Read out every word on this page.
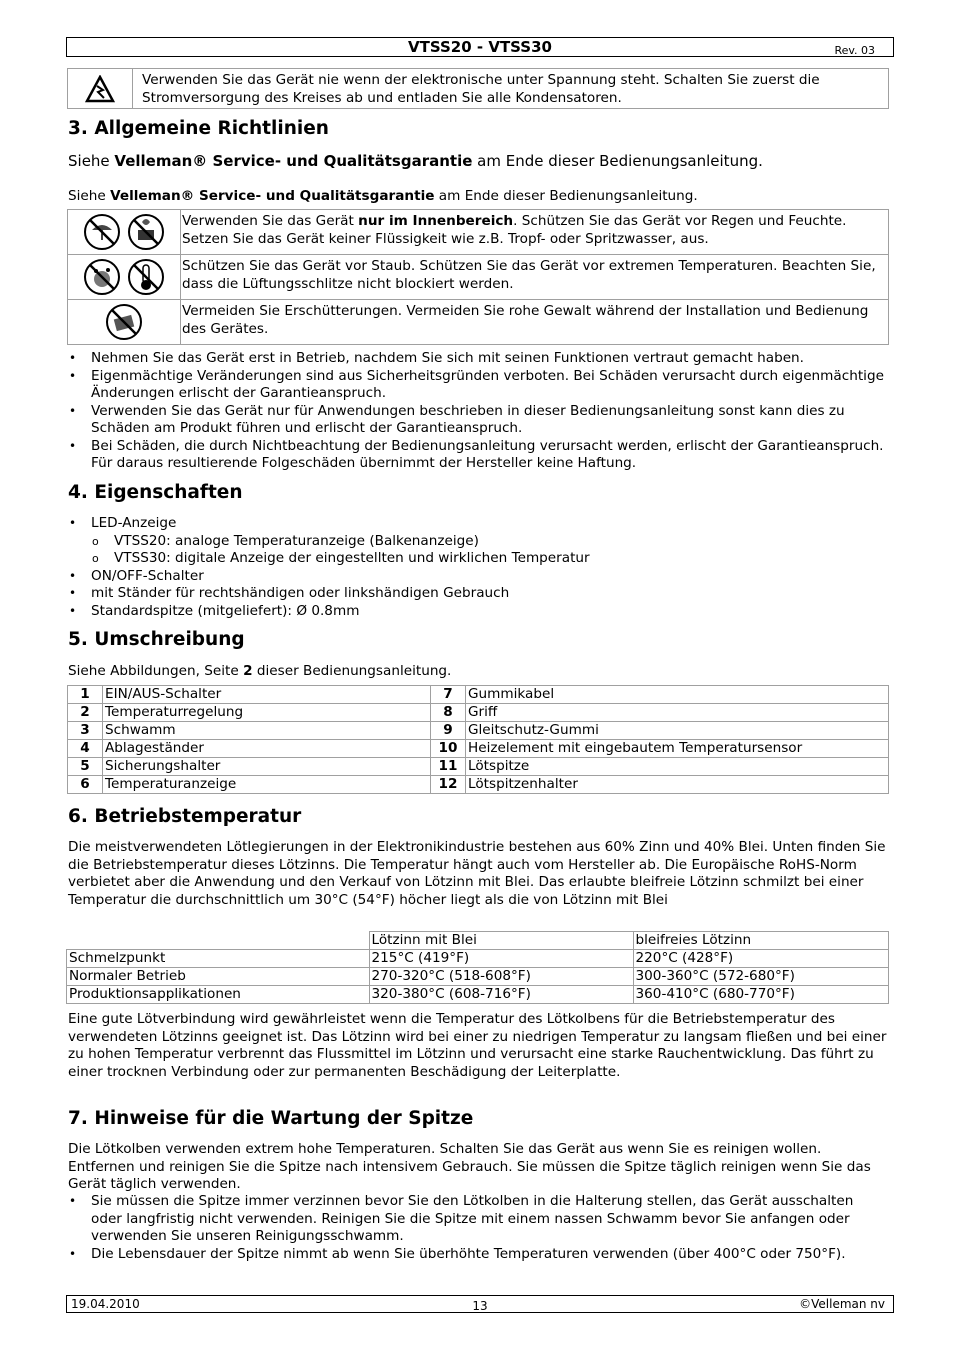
VTSS20 - VTSS30	Rev. 03
	Verwenden Sie das Gerät nie wenn der elektronische unter Spannung steht. Schalten Sie zuerst die Stromversorgung des Kreises ab und entladen Sie alle Kondensatoren.
3. Allgemeine Richtlinien

Siehe Velleman® Service- und Qualitätsgarantie am Ende dieser Bedienungsanleitung.

Siehe Velleman® Service- und Qualitätsgarantie am Ende dieser Bedienungsanleitung.

	Verwenden Sie das Gerät nur im Innenbereich. Schützen Sie das Gerät vor Regen und Feuchte. Setzen Sie das Gerät keiner Flüssigkeit wie z.B. Tropf- oder Spritzwasser, aus.
	Schützen Sie das Gerät vor Staub. Schützen Sie das Gerät vor extremen Temperaturen. Beachten Sie, dass die Lüftungsschlitze nicht blockiert werden.
	Vermeiden Sie Erschütterungen. Vermeiden Sie rohe Gewalt während der Installation und Bedienung des Gerätes.
• Nehmen Sie das Gerät erst in Betrieb, nachdem Sie sich mit seinen Funktionen vertraut gemacht haben.
• Eigenmächtige Veränderungen sind aus Sicherheitsgründen verboten. Bei Schäden verursacht durch eigenmächtige Änderungen erlischt der Garantieanspruch.
• Verwenden Sie das Gerät nur für Anwendungen beschrieben in dieser Bedienungsanleitung sonst kann dies zu Schäden am Produkt führen und erlischt der Garantieanspruch.
• Bei Schäden, die durch Nichtbeachtung der Bedienungsanleitung verursacht werden, erlischt der Garantieanspruch. Für daraus resultierende Folgeschäden übernimmt der Hersteller keine Haftung.
4. Eigenschaften
• LED-Anzeige
o VTSS20: analoge Temperaturanzeige (Balkenanzeige)
o VTSS30: digitale Anzeige der eingestellten und wirklichen Temperatur
• ON/OFF-Schalter
• mit Ständer für rechtshändigen oder linkshändigen Gebrauch
• Standardspitze (mitgeliefert): Ø 0.8mm
5. Umschreibung

Siehe Abbildungen, Seite 2 dieser Bedienungsanleitung.

1	EIN/AUS-Schalter	7	Gummikabel
2	Temperaturregelung	8	Griff
3	Schwamm	9	Gleitschutz-Gummi
4	Ablageständer	10	Heizelement mit eingebautem Temperatursensor
5	Sicherungshalter	11	Lötspitze
6	Temperaturanzeige	12	Lötspitzenhalter
6. Betriebstemperatur

Die meistverwendeten Lötlegierungen in der Elektronikindustrie bestehen aus 60% Zinn und 40% Blei. Unten finden Sie die Betriebstemperatur dieses Lötzinns. Die Temperatur hängt auch vom Hersteller ab. Die Europäische RoHS-Norm verbietet aber die Anwendung und den Verkauf von Lötzinn mit Blei. Das erlaubte bleifreie Lötzinn schmilzt bei einer Temperatur die durchschnittlich um 30°C (54°F) höcher liegt als die von Lötzinn mit Blei

	Lötzinn mit Blei	bleifreies Lötzinn
Schmelzpunkt	215°C (419°F)	220°C (428°F)
Normaler Betrieb	270-320°C (518-608°F)	300-360°C (572-680°F)
Produktionsapplikationen	320-380°C (608-716°F)	360-410°C (680-770°F)

Eine gute Lötverbindung wird gewährleistet wenn die Temperatur des Lötkolbens für die Betriebstemperatur des verwendeten Lötzinns geeignet ist. Das Lötzinn wird bei einer zu niedrigen Temperatur zu langsam fließen und bei einer zu hohen Temperatur verbrennt das Flussmittel im Lötzinn und verursacht eine starke Rauchentwicklung. Das führt zu einer trocknen Verbindung oder zur permanenten Beschädigung der Leiterplatte.

7. Hinweise für die Wartung der Spitze

Die Lötkolben verwenden extrem hohe Temperaturen. Schalten Sie das Gerät aus wenn Sie es reinigen wollen. Entfernen und reinigen Sie die Spitze nach intensivem Gebrauch. Sie müssen die Spitze täglich reinigen wenn Sie das Gerät täglich verwenden.

• Sie müssen die Spitze immer verzinnen bevor Sie den Lötkolben in die Halterung stellen, das Gerät ausschalten oder langfristig nicht verwenden. Reinigen Sie die Spitze mit einem nassen Schwamm bevor Sie anfangen oder verwenden Sie unseren Reinigungsschwamm.
• Die Lebensdauer der Spitze nimmt ab wenn Sie überhöhte Temperaturen verwenden (über 400°C oder 750°F).
19.04.2010	13	©Velleman nv
